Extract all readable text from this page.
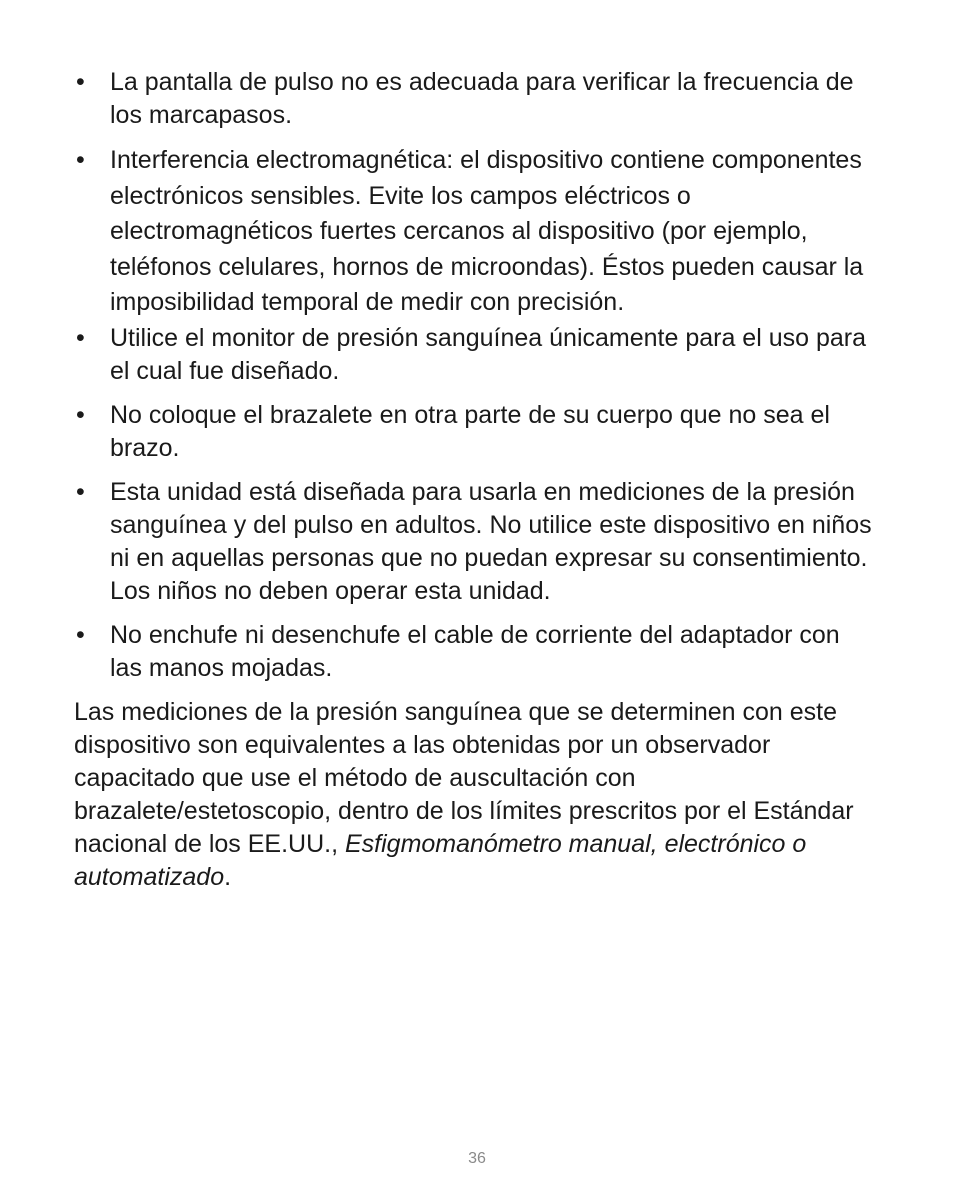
• La pantalla de pulso no es adecuada para verificar la frecuencia de los marcapasos.
• Interferencia electromagnética: el dispositivo contiene componentes electrónicos sensibles. Evite los campos eléctricos o electromagnéticos fuertes cercanos al dispositivo (por ejemplo, teléfonos celulares, hornos de microondas). Éstos pueden causar la imposibilidad temporal de medir con precisión.
• Utilice el monitor de presión sanguínea únicamente para el uso para el cual fue diseñado.
• No coloque el brazalete en otra parte de su cuerpo que no sea el brazo.
• Esta unidad está diseñada para usarla en mediciones de la presión sanguínea y del pulso en adultos. No utilice este dispositivo en niños ni en aquellas personas que no puedan expresar su consentimiento. Los niños no deben operar esta unidad.
• No enchufe ni desenchufe el cable de corriente del adaptador con las manos mojadas.

Las mediciones de la presión sanguínea que se determinen con este dispositivo son equivalentes a las obtenidas por un observador capacitado que use el método de auscultación con brazalete/estetoscopio, dentro de los límites prescritos por el Estándar nacional de los EE.UU., Esfigmomanómetro manual, electrónico o automatizado.

36
